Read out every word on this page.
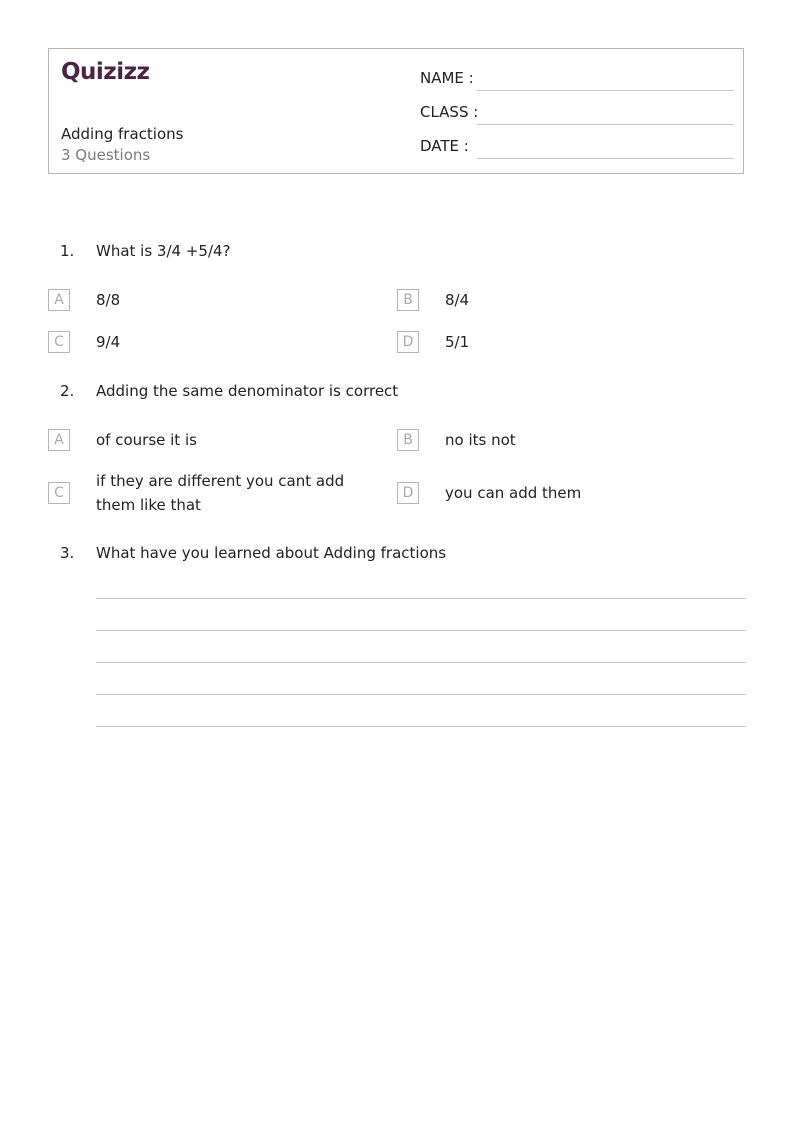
Quizizz
Adding fractions
3 Questions
NAME :
CLASS :
DATE :
1. What is 3/4 +5/4?
A	8/8	B	8/4
C	9/4	D	5/1
2. Adding the same denominator is correct
A	of course it is	B	no its not
C
if they are different you cant add them like that
D	you can add them
3. What have you learned about Adding fractions
